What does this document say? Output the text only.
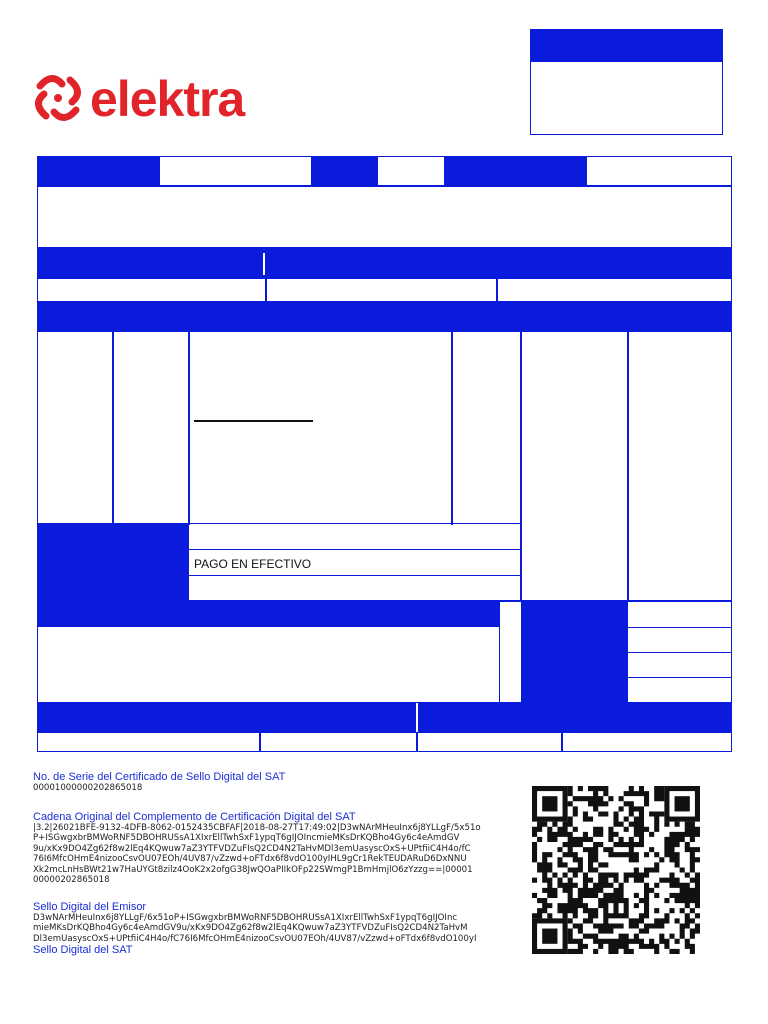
elektra
PAGO EN EFECTIVO
No. de Serie del Certificado de Sello Digital del SAT
00001000000202865018
Cadena Original del Complemento de Certificación Digital del SAT
|3.2|26021BFE-9132-4DFB-8062-0152435CBFAF|2018-08-27T17:49:02|D3wNArMHeuInx6j8YLLgF/5x51o
P+ISGwgxbrBMWoRNF5DBOHRUSsA1XIxrEllTwhSxF1ypqT6gIJOIncmieMKsDrKQBho4Gy6c4eAmdGV
9u/xKx9DO4Zg62f8w2lEq4KQwuw7aZ3YTFVDZuFIsQ2CD4N2TaHvMDl3emUasyscOxS+UPtfiiC4H4o/fC
76I6MfcOHmE4nizooCsvOU07EOh/4UV87/vZzwd+oFTdx6f8vdO100yIHL9gCr1RekTEUDARuD6DxNNU
Xk2mcLnHsBWt21w7HaUYGt8zilz4OoK2x2ofgG38JwQOaPIIkOFp22SWmgP1BmHmjlO6zYzzg==|00001
00000202865018
Sello Digital del Emisor
D3wNArMHeuInx6j8YLLgF/6x51oP+ISGwgxbrBMWoRNF5DBOHRUSsA1XIxrEllTwhSxF1ypqT6gIJOInc
mieMKsDrKQBho4Gy6c4eAmdGV9u/xKx9DO4Zg62f8w2lEq4KQwuw7aZ3YTFVDZuFIsQ2CD4N2TaHvM
Dl3emUasyscOxS+UPtfiiC4H4o/fC76I6MfcOHmE4nizooCsvOU07EOh/4UV87/vZzwd+oFTdx6f8vdO100yI
Sello Digital del SAT
